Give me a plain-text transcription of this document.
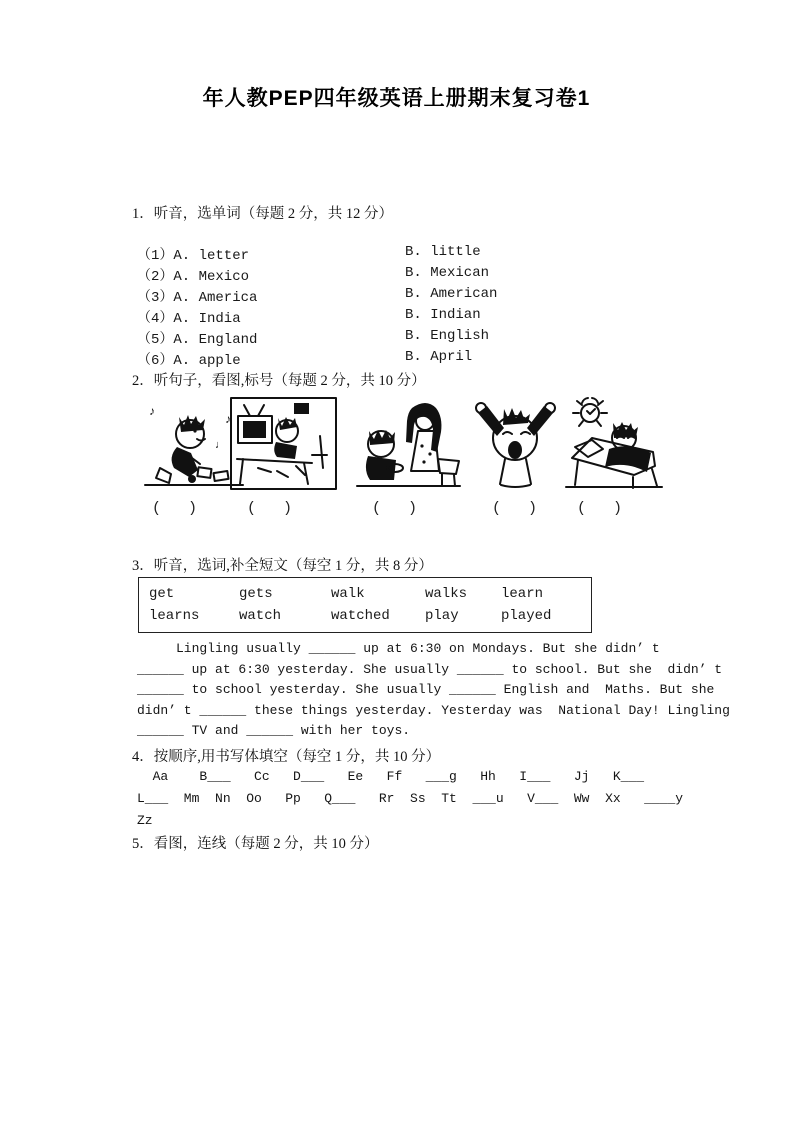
年人教PEP四年级英语上册期末复习卷1
1．听音，选单词（每题 2 分，共 12 分）
（1）A. letter	B. little
（2）A. Mexico	B. Mexican
（3）A. America	B. American
（4）A. India	B. Indian
（5）A. England	B. English
（6）A. apple	B. April
2．听句子，看图,标号（每题 2 分，共 10 分）
♪
♪
♩
(   )	(   )	(   )	(   )	(   )
3．听音，选词,补全短文（每空 1 分，共 8 分）
get	gets	walk	walks	learn
learns	watch	watched	play	played
Lingling usually ______ up at 6:30 on Mondays. But she didn’ t
______ up at 6:30 yesterday. She usually ______ to school. But she  didn’ t
______ to school yesterday. She usually ______ English and  Maths. But she
didn’ t ______ these things yesterday. Yesterday was  National Day! Lingling
______ TV and ______ with her toys.
4．按顺序,用书写体填空（每空 1 分，共 10 分）
Aa    B___   Cc   D___   Ee   Ff   ___g   Hh   I___   Jj   K___
L___  Mm  Nn  Oo   Pp   Q___   Rr  Ss  Tt  ___u   V___  Ww  Xx   ____y
Zz
5．看图，连线（每题 2 分，共 10 分）
